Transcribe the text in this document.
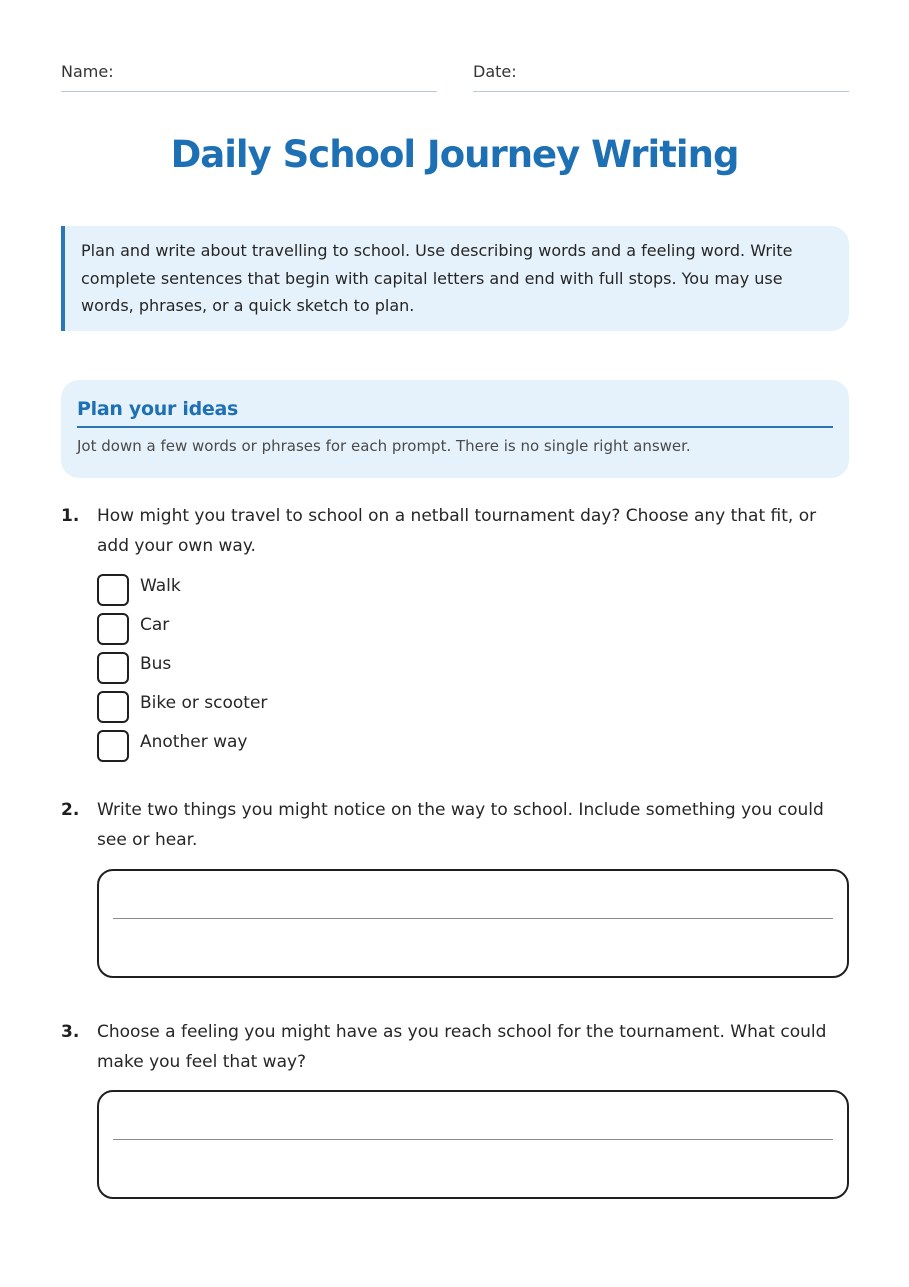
Name:	Date:
Daily School Journey Writing

Plan and write about travelling to school. Use describing words and a feeling word. Write complete sentences that begin with capital letters and end with full stops. You may use words, phrases, or a quick sketch to plan.

Plan your ideas
Jot down a few words or phrases for each prompt. There is no single right answer.
1. How might you travel to school on a netball tournament day? Choose any that fit, or add your own way.
Walk
Car
Bus
Bike or scooter
Another way
2. Write two things you might notice on the way to school. Include something you could see or hear.
3. Choose a feeling you might have as you reach school for the tournament. What could make you feel that way?
